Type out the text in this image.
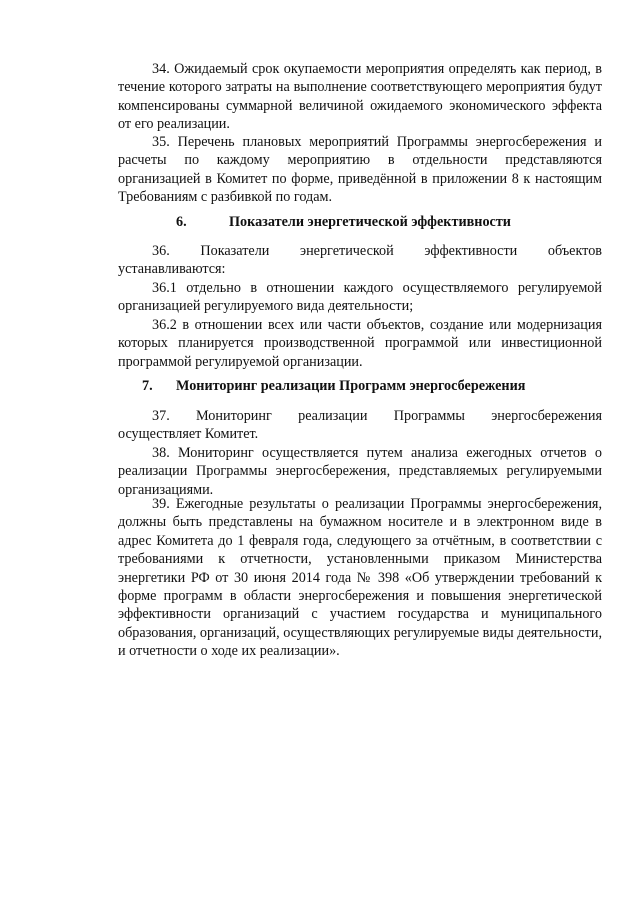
34. Ожидаемый срок окупаемости мероприятия определять как период, в течение которого затраты на выполнение соответствующего мероприятия будут компенсированы суммарной величиной ожидаемого экономического эффекта от его реализации.

35. Перечень плановых мероприятий Программы энергосбережения и расчеты по каждому мероприятию в отдельности представляются организацией в Комитет по форме, приведённой в приложении 8 к настоящим Требованиям с разбивкой по годам.

6.	Показатели энергетической эффективности

36. Показатели энергетической эффективности объектов

устанавливаются:

36.1 отдельно в отношении каждого осуществляемого регулируемой организацией регулируемого вида деятельности;

36.2 в отношении всех или части объектов, создание или модернизация которых планируется производственной программой или инвестиционной программой регулируемой организации.

7. Мониторинг реализации Программ энергосбережения

37. Мониторинг реализации Программы энергосбережения

осуществляет Комитет.

38. Мониторинг осуществляется путем анализа ежегодных отчетов о реализации Программы энергосбережения, представляемых регулируемыми организациями.

39. Ежегодные результаты о реализации Программы энергосбережения, должны быть представлены на бумажном носителе и в электронном виде в адрес Комитета до 1 февраля года, следующего за отчётным, в соответствии с требованиями к отчетности, установленными приказом Министерства энергетики РФ от 30 июня 2014 года № 398 «Об утверждении требований к форме программ в области энергосбережения и повышения энергетической эффективности организаций с участием государства и муниципального образования, организаций, осуществляющих регулируемые виды деятельности, и отчетности о ходе их реализации».
